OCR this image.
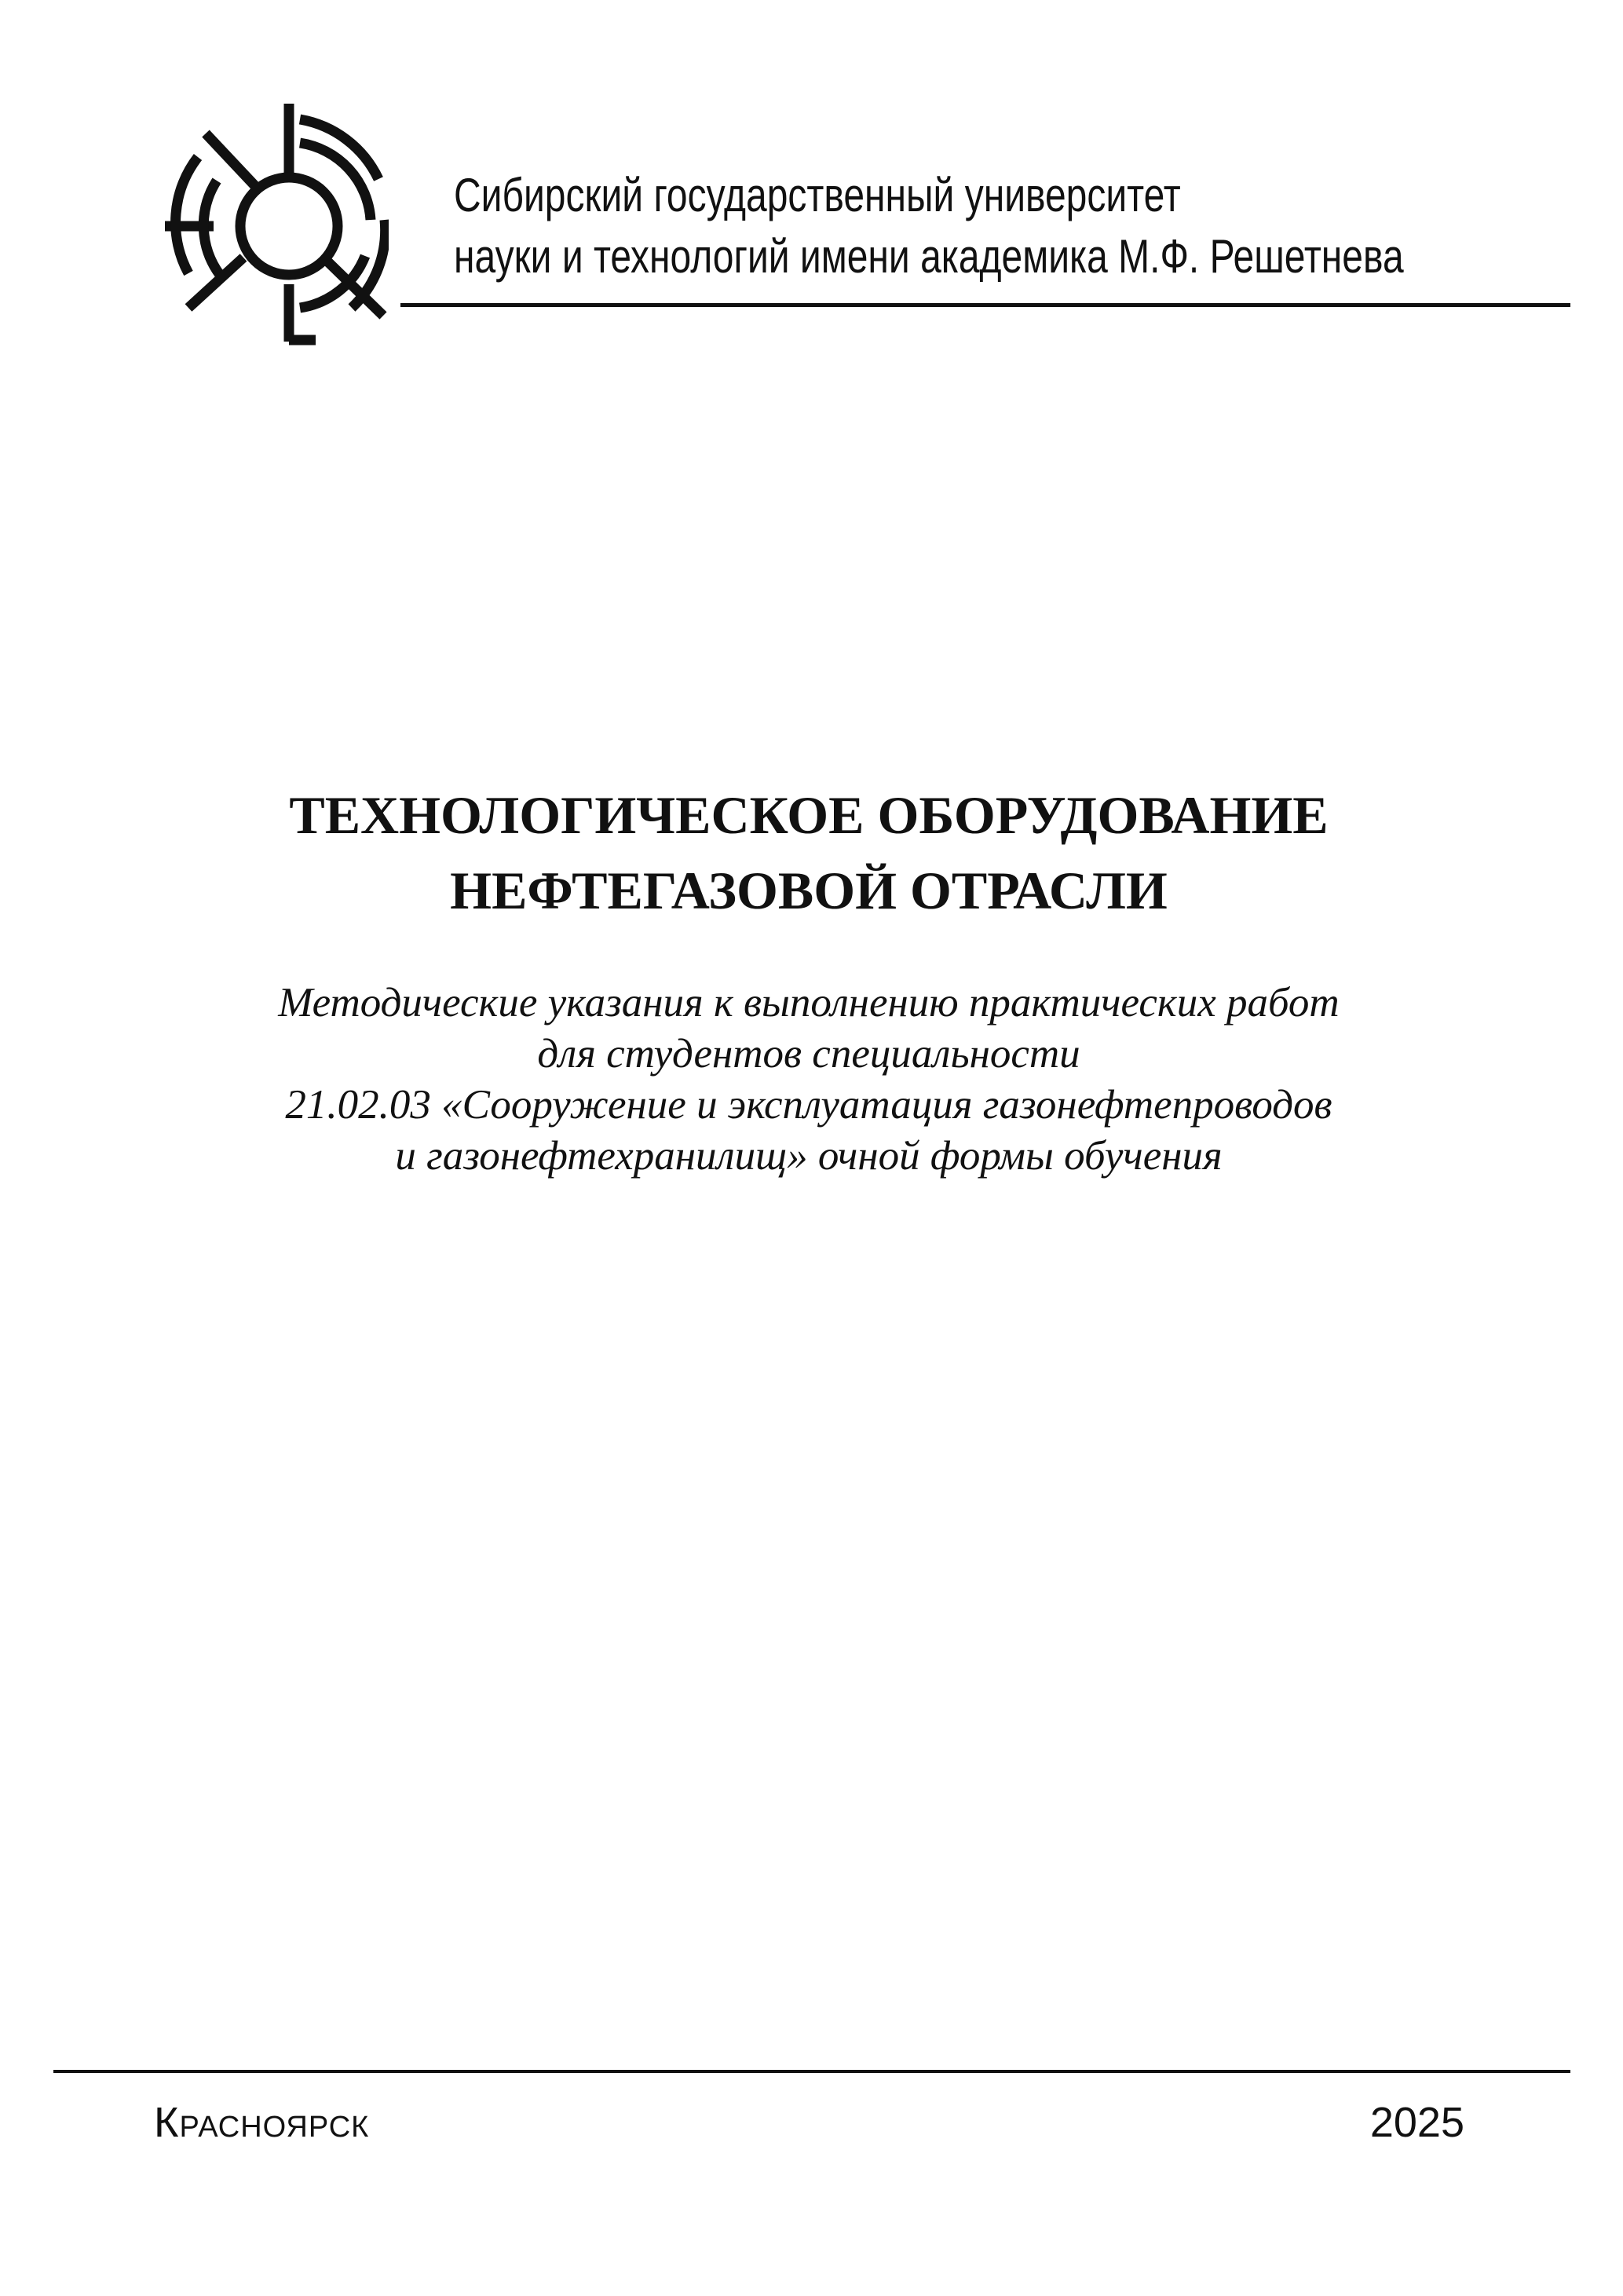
Сибирский государственный университет
науки и технологий имени академика М.Ф. Решетнева
ТЕХНОЛОГИЧЕСКОЕ ОБОРУДОВАНИЕ
НЕФТЕГАЗОВОЙ ОТРАСЛИ
Методические указания к выполнению практических работ
для студентов специальности
21.02.03 «Сооружение и эксплуатация газонефтепроводов
и газонефтехранилищ» очной формы обучения
Красноярск	2025
